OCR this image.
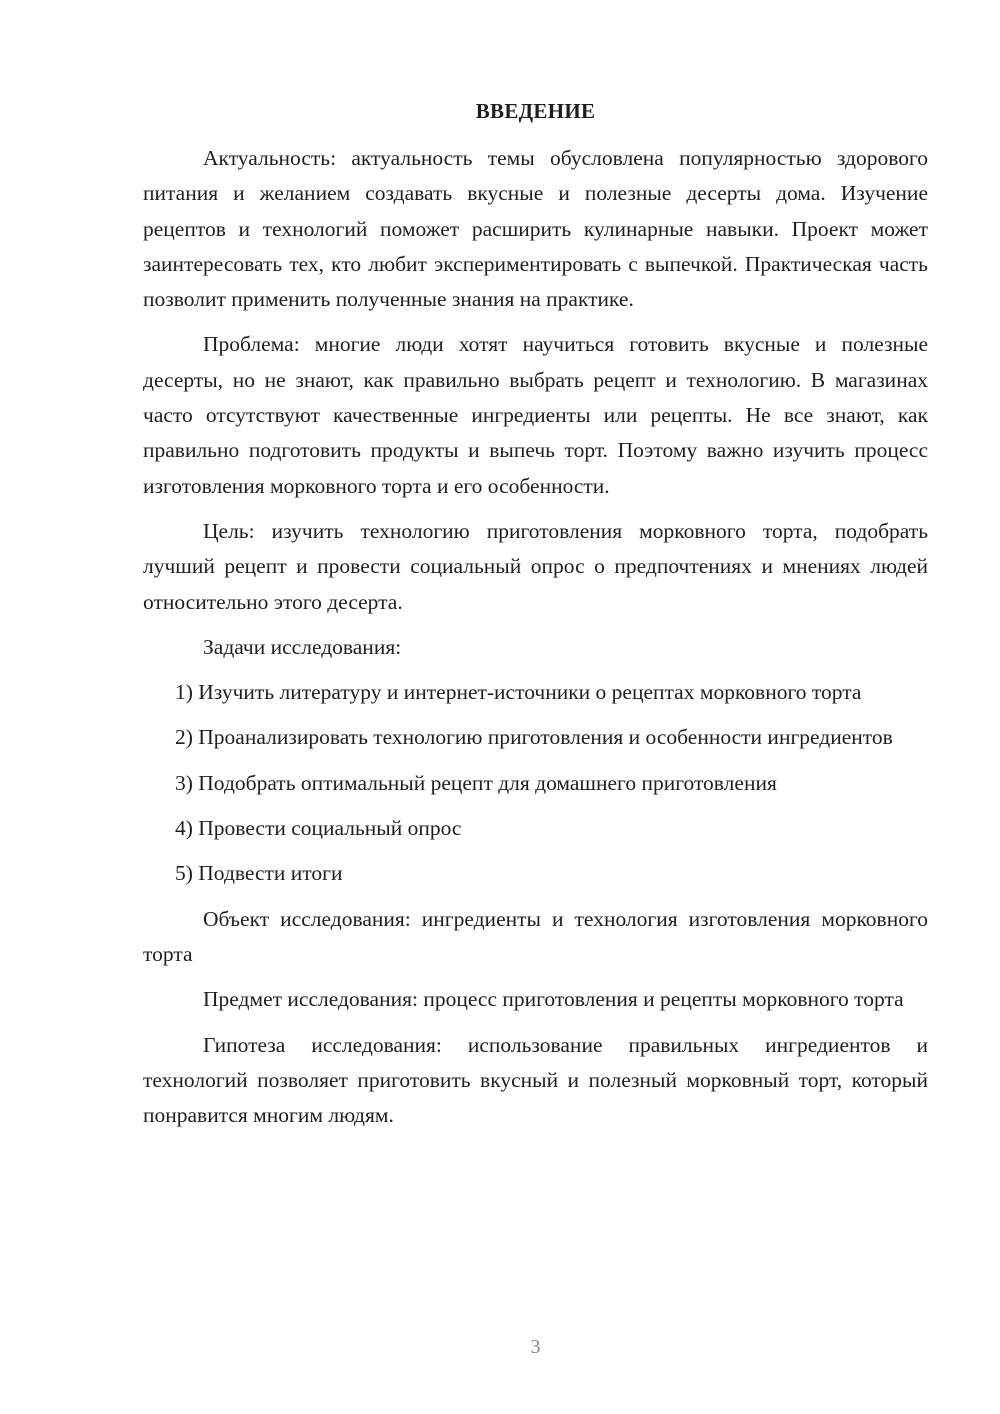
ВВЕДЕНИЕ

Актуальность: актуальность темы обусловлена популярностью здорового питания и желанием создавать вкусные и полезные десерты дома. Изучение рецептов и технологий поможет расширить кулинарные навыки. Проект может заинтересовать тех, кто любит экспериментировать с выпечкой. Практическая часть позволит применить полученные знания на практике.

Проблема: многие люди хотят научиться готовить вкусные и полезные десерты, но не знают, как правильно выбрать рецепт и технологию. В магазинах часто отсутствуют качественные ингредиенты или рецепты. Не все знают, как правильно подготовить продукты и выпечь торт. Поэтому важно изучить процесс изготовления морковного торта и его особенности.

Цель: изучить технологию приготовления морковного торта, подобрать лучший рецепт и провести социальный опрос о предпочтениях и мнениях людей относительно этого десерта.

Задачи исследования:

1) Изучить литературу и интернет-источники о рецептах морковного торта

2) Проанализировать технологию приготовления и особенности ингредиентов

3) Подобрать оптимальный рецепт для домашнего приготовления

4) Провести социальный опрос

5) Подвести итоги

Объект исследования: ингредиенты и технология изготовления морковного торта

Предмет исследования: процесс приготовления и рецепты морковного торта

Гипотеза исследования: использование правильных ингредиентов и технологий позволяет приготовить вкусный и полезный морковный торт, который понравится многим людям.

3
